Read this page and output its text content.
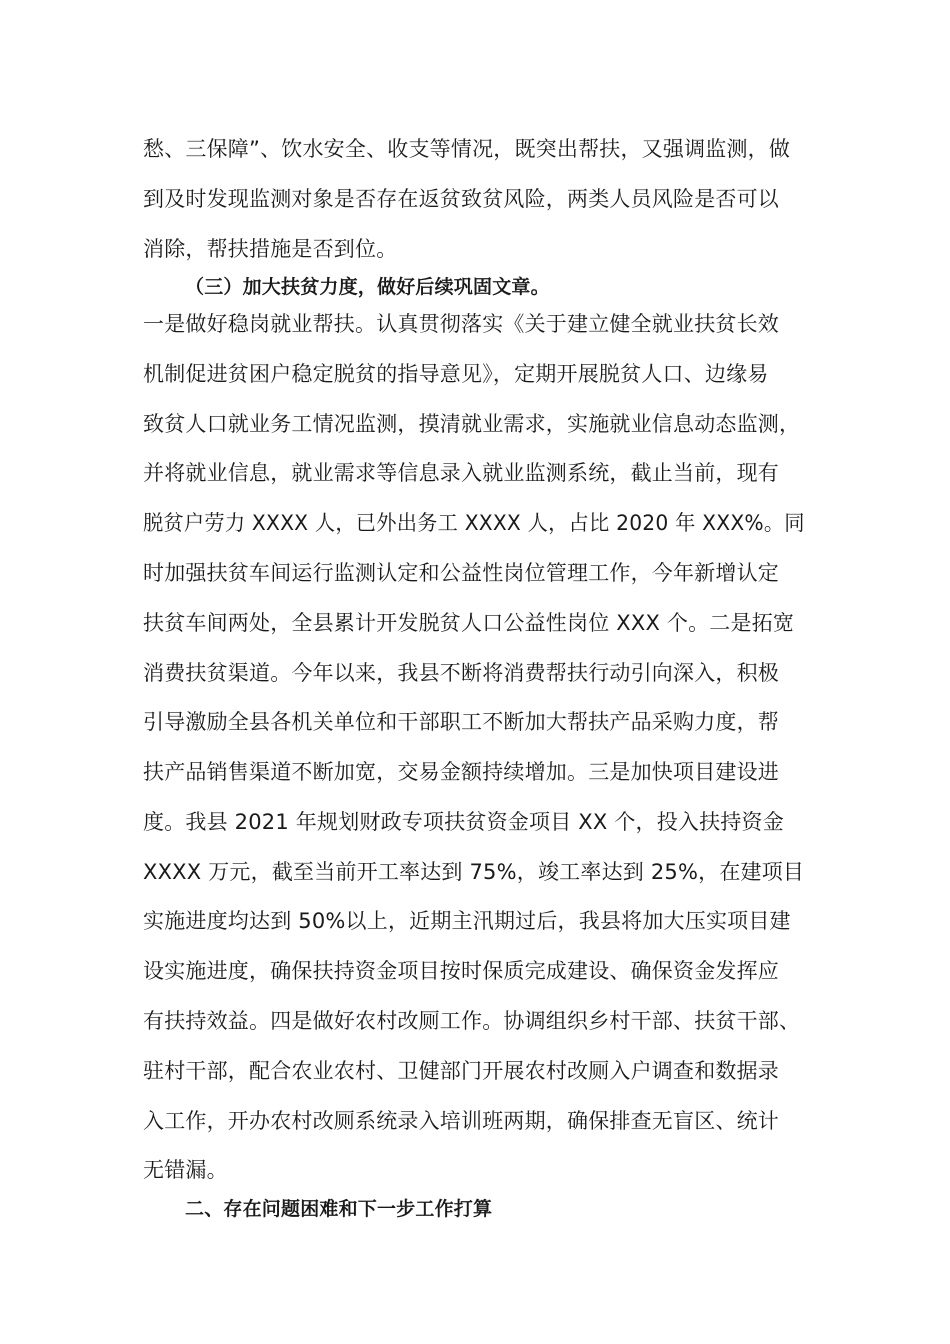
愁、三保障”、饮水安全、收支等情况，既突出帮扶，又强调监测，做
到及时发现监测对象是否存在返贫致贫风险，两类人员风险是否可以
消除，帮扶措施是否到位。
（三）加大扶贫力度，做好后续巩固文章。
一是做好稳岗就业帮扶。认真贯彻落实《关于建立健全就业扶贫长效
机制促进贫困户稳定脱贫的指导意见》，定期开展脱贫人口、边缘易
致贫人口就业务工情况监测，摸清就业需求，实施就业信息动态监测，
并将就业信息，就业需求等信息录入就业监测系统，截止当前，现有
脱贫户劳力 XXXX 人，已外出务工 XXXX 人，占比 2020 年 XXX%。同
时加强扶贫车间运行监测认定和公益性岗位管理工作，今年新增认定
扶贫车间两处，全县累计开发脱贫人口公益性岗位 XXX 个。二是拓宽
消费扶贫渠道。今年以来，我县不断将消费帮扶行动引向深入，积极
引导激励全县各机关单位和干部职工不断加大帮扶产品采购力度，帮
扶产品销售渠道不断加宽，交易金额持续增加。三是加快项目建设进
度。我县 2021 年规划财政专项扶贫资金项目 XX 个，投入扶持资金
XXXX 万元，截至当前开工率达到 75%，竣工率达到 25%，在建项目
实施进度均达到 50%以上，近期主汛期过后，我县将加大压实项目建
设实施进度，确保扶持资金项目按时保质完成建设、确保资金发挥应
有扶持效益。四是做好农村改厕工作。协调组织乡村干部、扶贫干部、
驻村干部，配合农业农村、卫健部门开展农村改厕入户调查和数据录
入工作，开办农村改厕系统录入培训班两期，确保排查无盲区、统计
无错漏。
二、存在问题困难和下一步工作打算
